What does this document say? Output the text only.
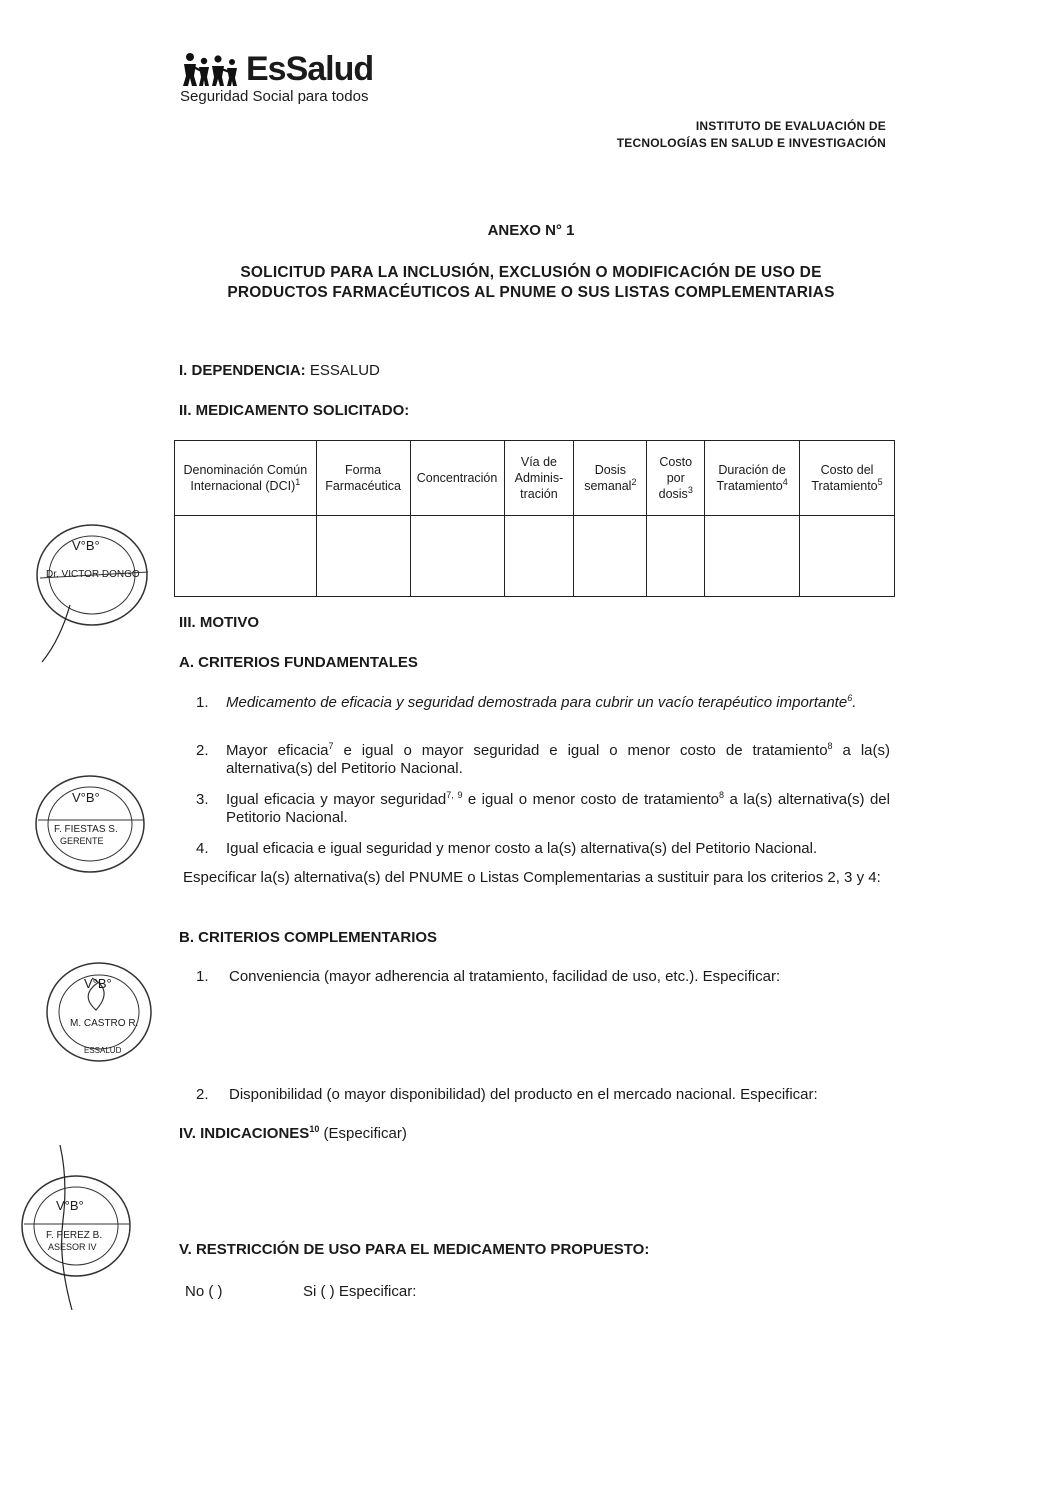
EsSalud
Seguridad Social para todos
INSTITUTO DE EVALUACIÓN DE
TECNOLOGÍAS EN SALUD E INVESTIGACIÓN
ANEXO N° 1
SOLICITUD PARA LA INCLUSIÓN, EXCLUSIÓN O MODIFICACIÓN DE USO DE
PRODUCTOS FARMACÉUTICOS AL PNUME O SUS LISTAS COMPLEMENTARIAS
I. DEPENDENCIA: ESSALUD
II. MEDICAMENTO SOLICITADO:
Denominación Común Internacional (DCI)$^1$	Forma Farmacéutica	Concentración	Vía de Adminis-tración	Dosis semanal$^2$	Costo por dosis$^3$	Duración de Tratamiento$^4$	Costo del Tratamiento$^5$

III. MOTIVO
A. CRITERIOS FUNDAMENTALES
1.	Medicamento de eficacia y seguridad demostrada para cubrir un vacío terapéutico importante$^6$.
2.	Mayor eficacia$^7$ e igual o mayor seguridad e igual o menor costo de tratamiento$^8$ a la(s) alternativa(s) del Petitorio Nacional.
3.	Igual eficacia y mayor seguridad$^{7, 9}$ e igual o menor costo de tratamiento$^8$ a la(s) alternativa(s) del Petitorio Nacional.
4.	Igual eficacia e igual seguridad y menor costo a la(s) alternativa(s) del Petitorio Nacional.
Especificar la(s) alternativa(s) del PNUME o Listas Complementarias a sustituir para los criterios 2, 3 y 4:
B. CRITERIOS COMPLEMENTARIOS
1.	Conveniencia (mayor adherencia al tratamiento, facilidad de uso, etc.). Especificar:
2.	Disponibilidad (o mayor disponibilidad) del producto en el mercado nacional. Especificar:
IV. INDICACIONES$^{10}$ (Especificar)
V. RESTRICCIÓN DE USO PARA EL MEDICAMENTO PROPUESTO:
No ( )	Si ( ) Especificar:
V°B°
Dr. VICTOR DONGO
V°B°
F. FIESTAS S.
GERENTE
V°B°
M. CASTRO R.
ESSALUD
V°B°
F. PEREZ B.
ASESOR IV
